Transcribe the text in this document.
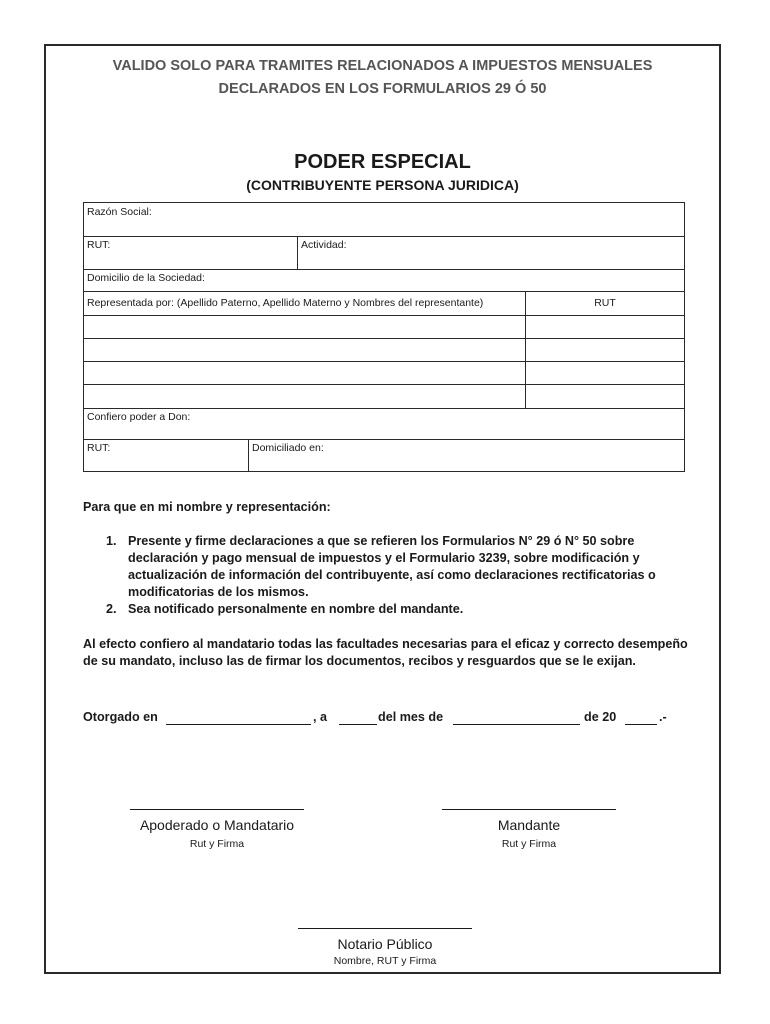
VALIDO SOLO PARA TRAMITES RELACIONADOS A IMPUESTOS MENSUALES
DECLARADOS EN LOS FORMULARIOS 29 Ó 50
PODER ESPECIAL
(CONTRIBUYENTE PERSONA JURIDICA)
Razón Social:
RUT:	Actividad:
Domicilio de la Sociedad:
Representada por: (Apellido Paterno, Apellido Materno y Nombres del representante)	RUT
Confiero poder a Don:
RUT:	Domiciliado en:
Para que en mi nombre y representación:
1. Presente y firme declaraciones a que se refieren los Formularios N° 29 ó N° 50 sobre declaración y pago mensual de impuestos y el Formulario 3239, sobre modificación y actualización de información del contribuyente, así como declaraciones rectificatorias o modificatorias de los mismos.
2. Sea notificado personalmente en nombre del mandante.
Al efecto confiero al mandatario todas las facultades necesarias para el eficaz y correcto desempeño de su mandato, incluso las de firmar los documentos, recibos y resguardos que se le exijan.
Otorgado en	, a	del mes de	de 20	.-
Apoderado o Mandatario
Rut y Firma
Mandante
Rut y Firma
Notario Público
Nombre, RUT y Firma
